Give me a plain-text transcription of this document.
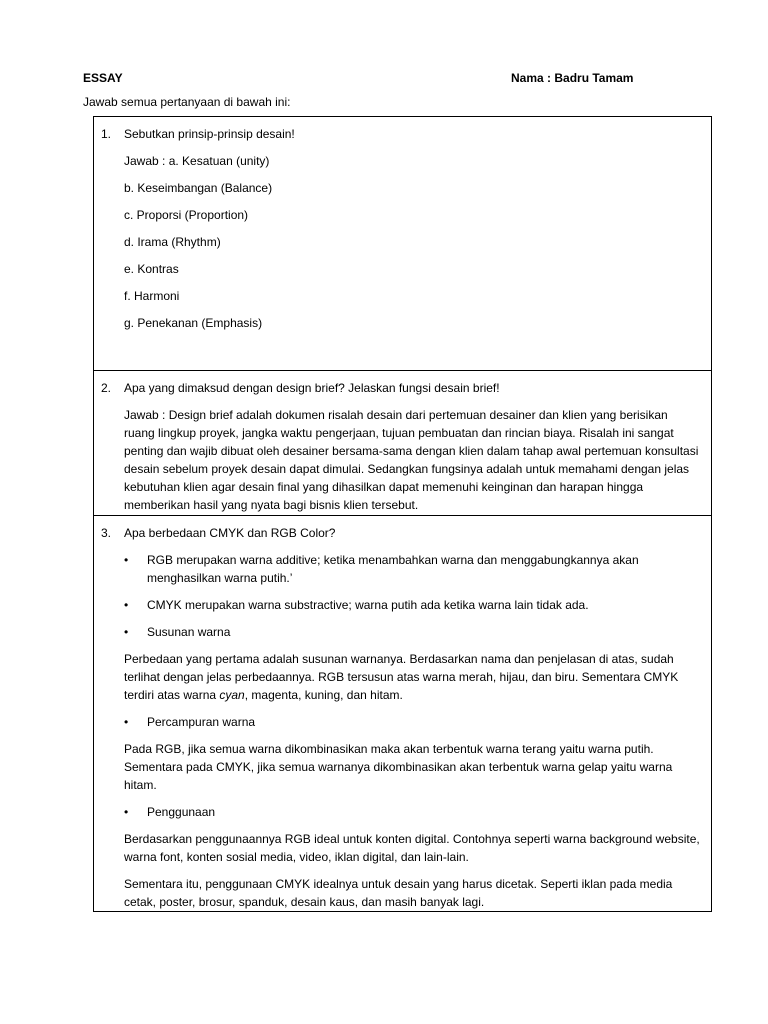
ESSAY	Nama : Badru Tamam
Jawab semua pertanyaan di bawah ini:
1.	Sebutkan prinsip-prinsip desain!

Jawab : a. Kesatuan (unity)

b. Keseimbangan (Balance)

c. Proporsi (Proportion)

d. Irama (Rhythm)

e. Kontras

f. Harmoni

g. Penekanan (Emphasis)

2.	Apa yang dimaksud dengan design brief? Jelaskan fungsi desain brief!

Jawab : Design brief adalah dokumen risalah desain dari pertemuan desainer dan klien yang berisikan ruang lingkup proyek, jangka waktu pengerjaan, tujuan pembuatan dan rincian biaya. Risalah ini sangat penting dan wajib dibuat oleh desainer bersama-sama dengan klien dalam tahap awal pertemuan konsultasi desain sebelum proyek desain dapat dimulai. Sedangkan fungsinya adalah untuk memahami dengan jelas kebutuhan klien agar desain final yang dihasilkan dapat memenuhi keinginan dan harapan hingga memberikan hasil yang nyata bagi bisnis klien tersebut.

3.	Apa berbedaan CMYK dan RGB Color?
•	RGB merupakan warna additive; ketika menambahkan warna dan menggabungkannya akan menghasilkan warna putih.’
•	CMYK merupakan warna substractive; warna putih ada ketika warna lain tidak ada.
•	Susunan warna

Perbedaan yang pertama adalah susunan warnanya. Berdasarkan nama dan penjelasan di atas, sudah terlihat dengan jelas perbedaannya. RGB tersusun atas warna merah, hijau, dan biru. Sementara CMYK terdiri atas warna cyan, magenta, kuning, dan hitam.

•	Percampuran warna

Pada RGB, jika semua warna dikombinasikan maka akan terbentuk warna terang yaitu warna putih. Sementara pada CMYK, jika semua warnanya dikombinasikan akan terbentuk warna gelap yaitu warna hitam.

•	Penggunaan

Berdasarkan penggunaannya RGB ideal untuk konten digital. Contohnya seperti warna background website, warna font, konten sosial media, video, iklan digital, dan lain-lain.

Sementara itu, penggunaan CMYK idealnya untuk desain yang harus dicetak. Seperti iklan pada media cetak, poster, brosur, spanduk, desain kaus, dan masih banyak lagi.
